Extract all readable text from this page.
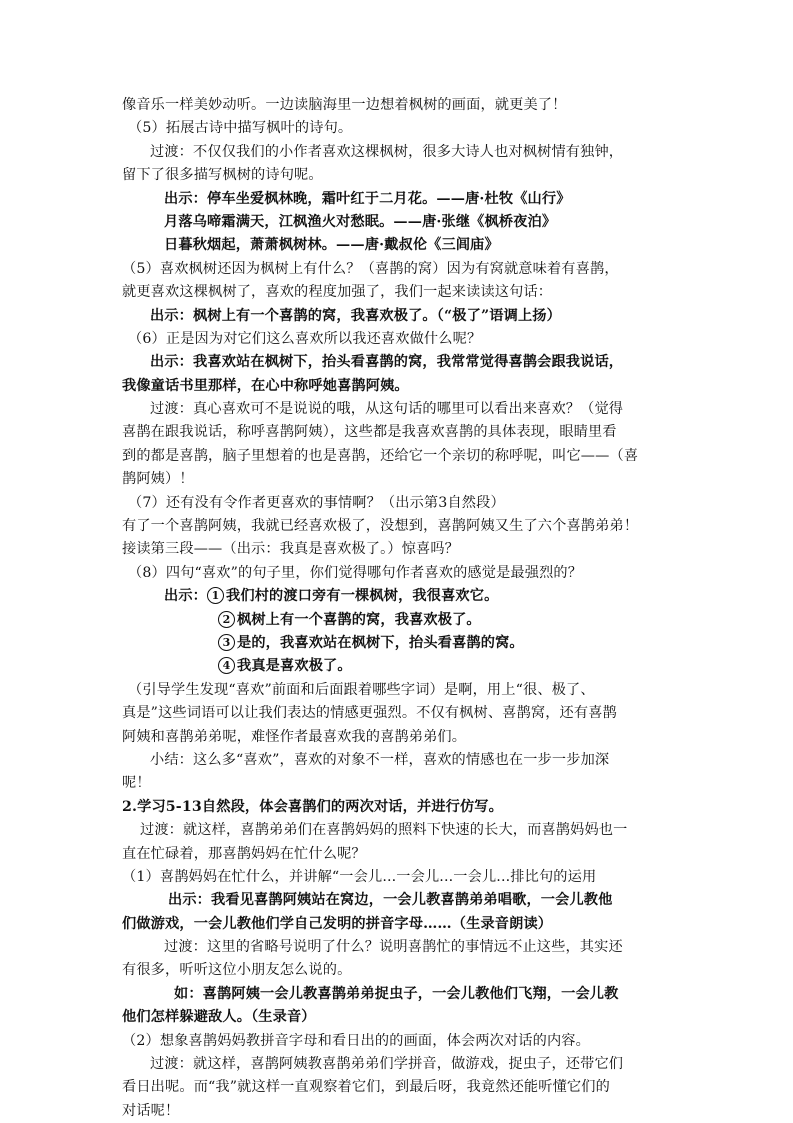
像音乐一样美妙动听。一边读脑海里一边想着枫树的画面，就更美了！
（5）拓展古诗中描写枫叶的诗句。
过渡：不仅仅我们的小作者喜欢这棵枫树，很多大诗人也对枫树情有独钟，
留下了很多描写枫树的诗句呢。
出示：停车坐爱枫林晚，霜叶红于二月花。——唐·杜牧《山行》
月落乌啼霜满天，江枫渔火对愁眠。——唐·张继《枫桥夜泊》
日暮秋烟起，萧萧枫树林。——唐·戴叔伦《三闾庙》
（5）喜欢枫树还因为枫树上有什么？（喜鹊的窝）因为有窝就意味着有喜鹊，
就更喜欢这棵枫树了，喜欢的程度加强了，我们一起来读读这句话：
出示：枫树上有一个喜鹊的窝，我喜欢极了。（“极了”语调上扬）
（6）正是因为对它们这么喜欢所以我还喜欢做什么呢？
出示：我喜欢站在枫树下，抬头看喜鹊的窝，我常常觉得喜鹊会跟我说话，
我像童话书里那样，在心中称呼她喜鹊阿姨。
过渡：真心喜欢可不是说说的哦，从这句话的哪里可以看出来喜欢？（觉得
喜鹊在跟我说话，称呼喜鹊阿姨），这些都是我喜欢喜鹊的具体表现，眼睛里看
到的都是喜鹊，脑子里想着的也是喜鹊，还给它一个亲切的称呼呢，叫它——（喜
鹊阿姨）！
（7）还有没有令作者更喜欢的事情啊？（出示第3自然段）
有了一个喜鹊阿姨，我就已经喜欢极了，没想到，喜鹊阿姨又生了六个喜鹊弟弟！
接读第三段——（出示：我真是喜欢极了。）惊喜吗？
（8）四句“喜欢”的句子里，你们觉得哪句作者喜欢的感觉是最强烈的？
出示： 1 我们村的渡口旁有一棵枫树，我很喜欢它。
2 枫树上有一个喜鹊的窝，我喜欢极了。
3 是的，我喜欢站在枫树下，抬头看喜鹊的窝。
4 我真是喜欢极了。
（引导学生发现“喜欢”前面和后面跟着哪些字词）是啊，用上“很、极了、
真是”这些词语可以让我们表达的情感更强烈。不仅有枫树、喜鹊窝，还有喜鹊
阿姨和喜鹊弟弟呢，难怪作者最喜欢我的喜鹊弟弟们。
小结：这么多“喜欢”，喜欢的对象不一样，喜欢的情感也在一步一步加深
呢！
2.学习5-13自然段，体会喜鹊们的两次对话，并进行仿写。
过渡：就这样，喜鹊弟弟们在喜鹊妈妈的照料下快速的长大，而喜鹊妈妈也一
直在忙碌着，那喜鹊妈妈在忙什么呢？
（1）喜鹊妈妈在忙什么，并讲解“一会儿...一会儿...一会儿...排比句的运用
出示：我看见喜鹊阿姨站在窝边，一会儿教喜鹊弟弟唱歌，一会儿教他
们做游戏，一会儿教他们学自己发明的拼音字母……（生录音朗读）
过渡：这里的省略号说明了什么？说明喜鹊忙的事情远不止这些，其实还
有很多，听听这位小朋友怎么说的。
如：喜鹊阿姨一会儿教喜鹊弟弟捉虫子，一会儿教他们飞翔，一会儿教
他们怎样躲避敌人。（生录音）
（2）想象喜鹊妈妈教拼音字母和看日出的的画面，体会两次对话的内容。
过渡：就这样，喜鹊阿姨教喜鹊弟弟们学拼音，做游戏，捉虫子，还带它们
看日出呢。而“我”就这样一直观察着它们，到最后呀，我竟然还能听懂它们的
对话呢！
